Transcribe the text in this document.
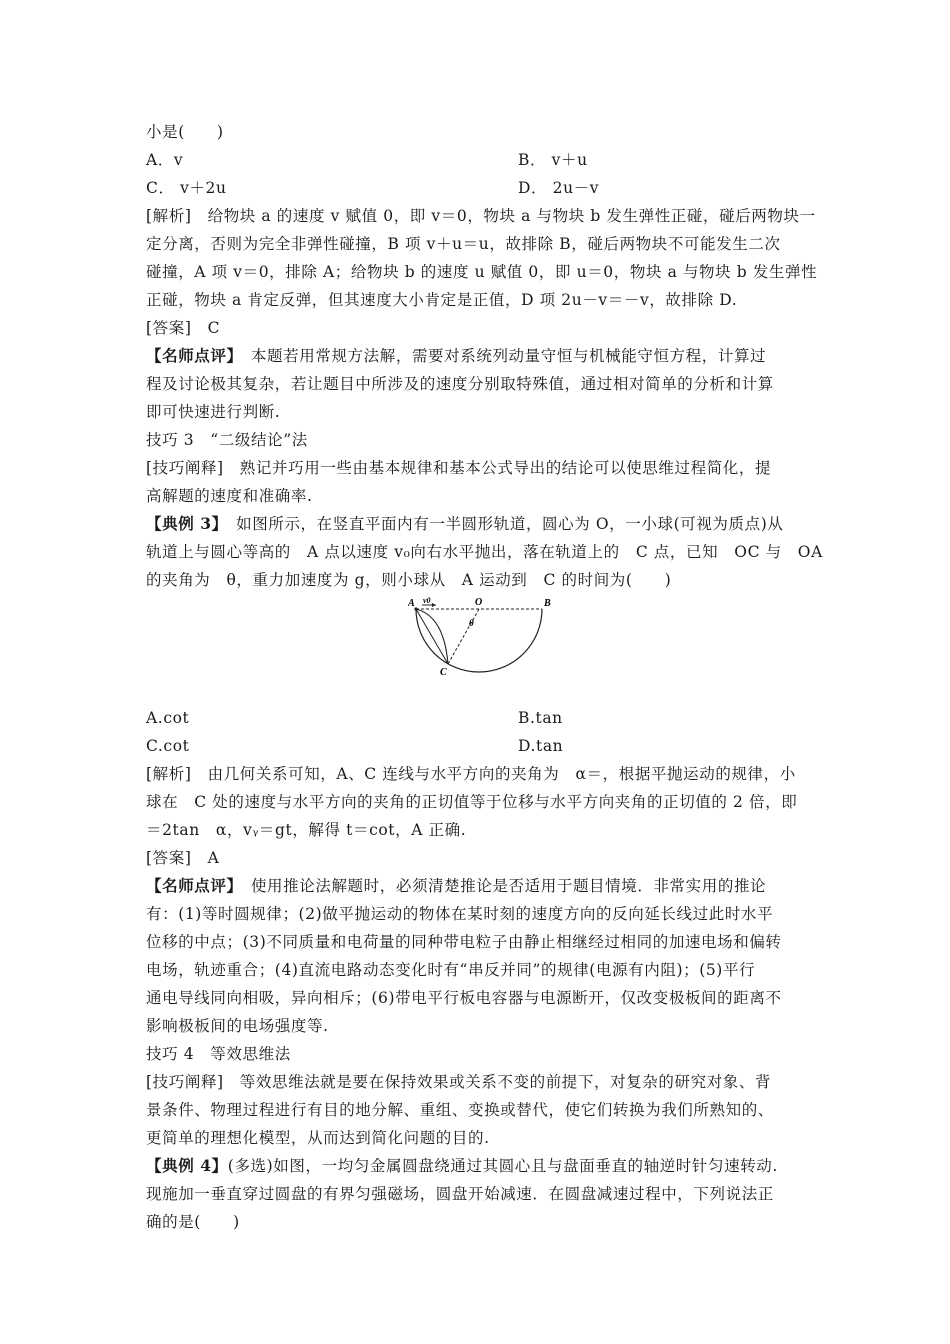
小是(　　)
A．v	B． v＋u
C． v＋2u	D． 2u－v
[解析]　给物块 a 的速度 v 赋值 0，即 v＝0，物块 a 与物块 b 发生弹性正碰，碰后两物块一
定分离，否则为完全非弹性碰撞，B 项 v＋u＝u，故排除 B，碰后两物块不可能发生二次
碰撞，A 项 v＝0，排除 A；给物块 b 的速度 u 赋值 0，即 u＝0，物块 a 与物块 b 发生弹性
正碰，物块 a 肯定反弹，但其速度大小肯定是正值，D 项 2u－v＝－v，故排除 D.
[答案]　C
【名师点评】　本题若用常规方法解，需要对系统列动量守恒与机械能守恒方程，计算过
程及讨论极其复杂，若让题目中所涉及的速度分别取特殊值，通过相对简单的分析和计算
即可快速进行判断.
技巧 3　“二级结论”法
[技巧阐释]　熟记并巧用一些由基本规律和基本公式导出的结论可以使思维过程简化，提
高解题的速度和准确率.
【典例 3】　如图所示，在竖直平面内有一半圆形轨道，圆心为 O，一小球(可视为质点)从
轨道上与圆心等高的　A 点以速度 v₀向右水平抛出，落在轨道上的　C 点，已知　OC 与　OA
的夹角为　θ，重力加速度为 g，则小球从　A 运动到　C 的时间为(　　)
A v0	O	B
θ
C
A.cot	B.tan
C.cot	D.tan
[解析]　由几何关系可知，A、C 连线与水平方向的夹角为　α＝，根据平抛运动的规律，小
球在　C 处的速度与水平方向的夹角的正切值等于位移与水平方向夹角的正切值的 2 倍，即
＝2tan　α，vᵧ＝gt，解得 t＝cot，A 正确.
[答案]　A
【名师点评】　使用推论法解题时，必须清楚推论是否适用于题目情境．非常实用的推论
有：(1)等时圆规律；(2)做平抛运动的物体在某时刻的速度方向的反向延长线过此时水平
位移的中点；(3)不同质量和电荷量的同种带电粒子由静止相继经过相同的加速电场和偏转
电场，轨迹重合；(4)直流电路动态变化时有“串反并同”的规律(电源有内阻)；(5)平行
通电导线同向相吸，异向相斥；(6)带电平行板电容器与电源断开，仅改变极板间的距离不
影响极板间的电场强度等.
技巧 4　等效思维法
[技巧阐释]　等效思维法就是要在保持效果或关系不变的前提下，对复杂的研究对象、背
景条件、物理过程进行有目的地分解、重组、变换或替代，使它们转换为我们所熟知的、
更简单的理想化模型，从而达到简化问题的目的.
【典例 4】(多选)如图，一均匀金属圆盘绕通过其圆心且与盘面垂直的轴逆时针匀速转动.
现施加一垂直穿过圆盘的有界匀强磁场，圆盘开始减速．在圆盘减速过程中，下列说法正
确的是(　　)
